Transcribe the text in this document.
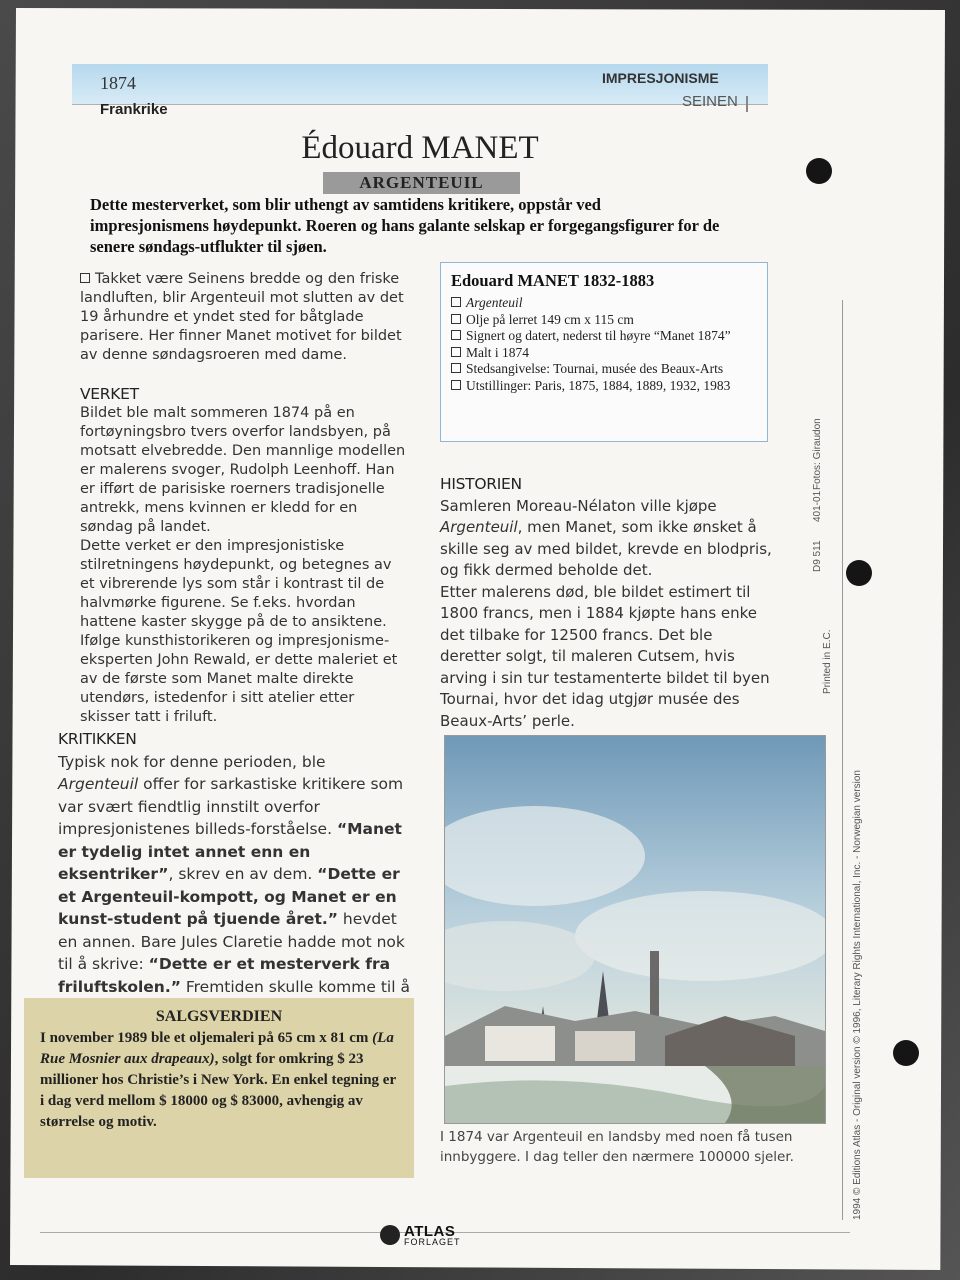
1874
Frankrike
IMPRESJONISME
SEINEN
Édouard MANET
ARGENTEUIL
Dette mesterverket, som blir uthengt av samtidens kritikere, oppstår ved impresjonismens høydepunkt. Roeren og hans galante selskap er forgegangsfigurer for de senere søndags-utflukter til sjøen.

Takket være Seinens bredde og den friske landluften, blir Argenteuil mot slutten av det 19 århundre et yndet sted for båtglade parisere. Her finner Manet motivet for bildet av denne søndagsroeren med dame.

VERKET

Bildet ble malt sommeren 1874 på en fortøyningsbro tvers overfor landsbyen, på motsatt elvebredde. Den mannlige modellen er malerens svoger, Rudolph Leenhoff. Han er ifført de parisiske roerners tradisjonelle antrekk, mens kvinnen er kledd for en søndag på landet.

Dette verket er den impresjonistiske stilretningens høydepunkt, og betegnes av et vibrerende lys som står i kontrast til de halvmørke figurene. Se f.eks. hvordan hattene kaster skygge på de to ansiktene.

Ifølge kunsthistorikeren og impresjonisme-eksperten John Rewald, er dette maleriet et av de første som Manet malte direkte utendørs, istedenfor i sitt atelier etter skisser tatt i friluft.

KRITIKKEN

Typisk nok for denne perioden, ble Argenteuil offer for sarkastiske kritikere som var svært fiendtlig innstilt overfor impresjonistenes billeds-forståelse. “Manet er tydelig intet annet enn en eksentriker”, skrev en av dem. “Dette er et Argenteuil-kompott, og Manet er en kunst-student på tjuende året.” hevdet en annen. Bare Jules Claretie hadde mot nok til å skrive: “Dette er et mesterverk fra friluftskolen.” Fremtiden skulle komme til å

Edouard MANET 1832-1883
Argenteuil
Olje på lerret 149 cm x 115 cm
Signert og datert, nederst til høyre “Manet 1874”
Malt i 1874
Stedsangivelse: Tournai, musée des Beaux-Arts
Utstillinger: Paris, 1875, 1884, 1889, 1932, 1983

HISTORIEN

Samleren Moreau-Nélaton ville kjøpe Argenteuil, men Manet, som ikke ønsket å skille seg av med bildet, krevde en blodpris, og fikk dermed beholde det.

Etter malerens død, ble bildet estimert til 1800 francs, men i 1884 kjøpte hans enke det tilbake for 12500 francs. Det ble deretter solgt, til maleren Cutsem, hvis arving i sin tur testamenterte bildet til byen Tournai, hvor det idag utgjør musée des Beaux-Arts’ perle.

I 1874 var Argenteuil en landsby med noen få tusen innbyggere. I dag teller den nærmere 100000 sjeler.
SALGSVERDIEN

I november 1989 ble et oljemaleri på 65 cm x 81 cm (La Rue Mosnier aux drapeaux), solgt for omkring $ 23 millioner hos Christie’s i New York. En enkel tegning er i dag verd mellom $ 18000 og $ 83000, avhengig av størrelse og motiv.

D9 511
401-01
Fotos: Giraudon
Printed in E.C.
1994 © Editions Atlas - Original version © 1996, Literary Rights International, Inc. - Norwegian version
ATLAS
FORLAGET
